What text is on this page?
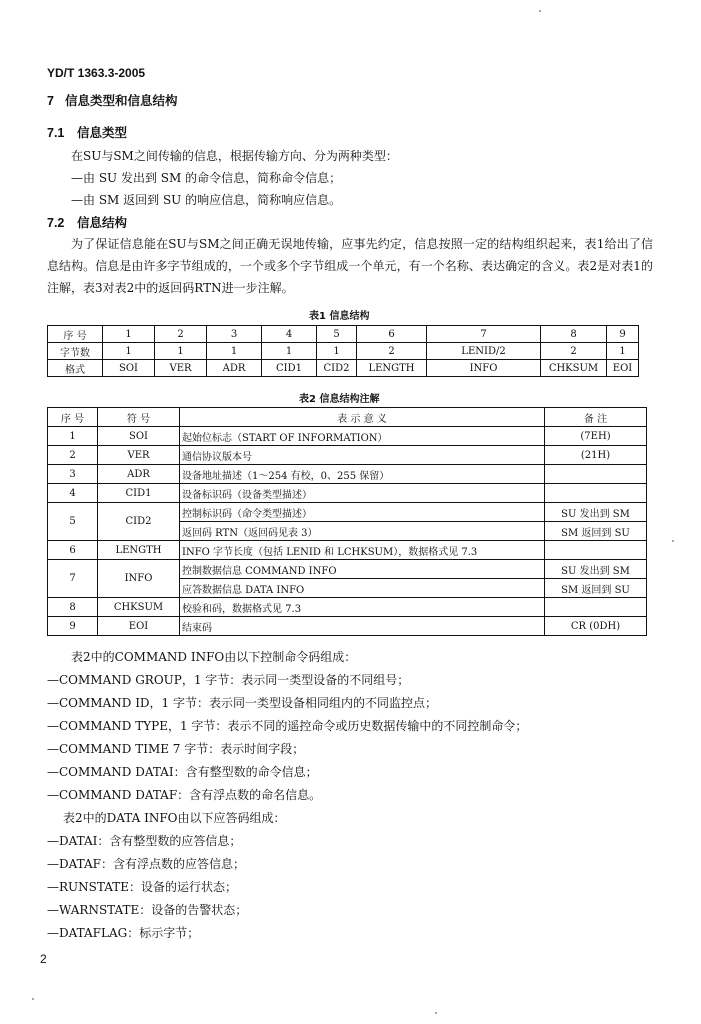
YD/T 1363.3-2005
7 信息类型和信息结构
7.1 信息类型
在SU与SM之间传输的信息，根据传输方向、分为两种类型：
—由 SU 发出到 SM 的命令信息，简称命令信息；
—由 SM 返回到 SU 的响应信息，简称响应信息。
7.2 信息结构
为了保证信息能在SU与SM之间正确无误地传输，应事先约定，信息按照一定的结构组织起来，表1给出了信息结构。信息是由许多字节组成的，一个或多个字节组成一个单元，有一个名称、表达确定的含义。表2是对表1的注解，表3对表2中的返回码RTN进一步注解。
表1 信息结构
序 号	1	2	3	4	5	6	7	8	9
字节数	1	1	1	1	1	2	LENID/2	2	1
格式	SOI	VER	ADR	CID1	CID2	LENGTH	INFO	CHKSUM	EOI
表2 信息结构注解
序 号	符 号	表 示 意 义	备 注
1	SOI	起始位标志（START OF INFORMATION）	(7EH)
2	VER	通信协议版本号	(21H)
3	ADR	设备地址描述（1～254 有校，0、255 保留）	
4	CID1	设备标识码（设备类型描述）	
5	CID2	控制标识码（命令类型描述）	SU 发出到 SM
		返回码 RTN（返回码见表 3）	SM 返回到 SU
6	LENGTH	INFO 字节长度（包括 LENID 和 LCHKSUM），数据格式见 7.3	
7	INFO	控制数据信息 COMMAND INFO	SU 发出到 SM
		应答数据信息 DATA INFO	SM 返回到 SU
8	CHKSUM	校验和码，数据格式见 7.3	
9	EOI	结束码	CR (0DH)
表2中的COMMAND INFO由以下控制命令码组成：
—COMMAND GROUP，1 字节：表示同一类型设备的不同组号；
—COMMAND ID，1 字节：表示同一类型设备相同组内的不同监控点；
—COMMAND TYPE，1 字节：表示不同的遥控命令或历史数据传输中的不同控制命令；
—COMMAND TIME 7 字节：表示时间字段；
—COMMAND DATAI：含有整型数的命令信息；
—COMMAND DATAF：含有浮点数的命名信息。
表2中的DATA INFO由以下应答码组成：
—DATAI：含有整型数的应答信息；
—DATAF：含有浮点数的应答信息；
—RUNSTATE：设备的运行状态；
—WARNSTATE：设备的告警状态；
—DATAFLAG：标示字节；
2
